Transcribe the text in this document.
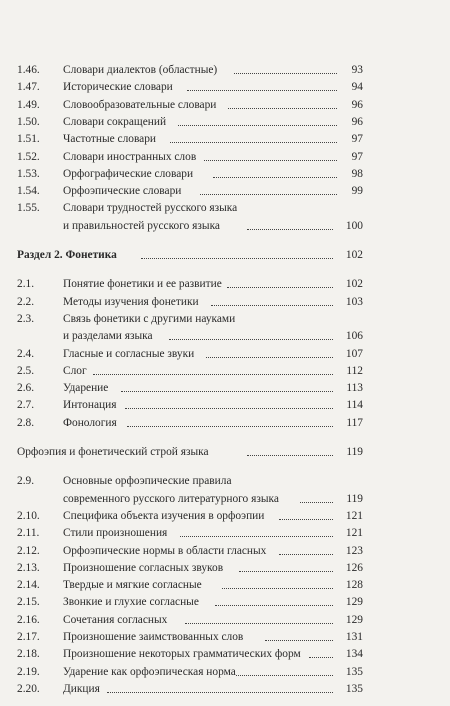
1.46. Словари диалектов (областные)	93
1.47. Исторические словари	94
1.49. Словообразовательные словари	96
1.50. Словари сокращений	96
1.51. Частотные словари	97
1.52. Словари иностранных слов	97
1.53. Орфографические словари	98
1.54. Орфоэпические словари	99
1.55. Словари трудностей русского языка
и правильностей русского языка	100
Раздел 2. Фонетика	102
2.1.	Понятие фонетики и ее развитие	102
2.2.	Методы изучения фонетики	103
2.3.	Связь фонетики с другими науками
и разделами языка	106
2.4.	Гласные и согласные звуки	107
2.5.	Слог	112
2.6.	Ударение	113
2.7.	Интонация	114
2.8.	Фонология	117
Орфоэпия и фонетический строй языка	119
2.9.	Основные орфоэпические правила
современного русского литературного языка	119
2.10. Специфика объекта изучения в орфоэпии	121
2.11. Стили произношения	121
2.12. Орфоэпические нормы в области гласных	123
2.13. Произношение согласных звуков	126
2.14. Твердые и мягкие согласные	128
2.15. Звонкие и глухие согласные	129
2.16. Сочетания согласных	129
2.17. Произношение заимствованных слов	131
2.18. Произношение некоторых грамматических форм	134
2.19. Ударение как орфоэпическая норма	135
2.20. Дикция	135
